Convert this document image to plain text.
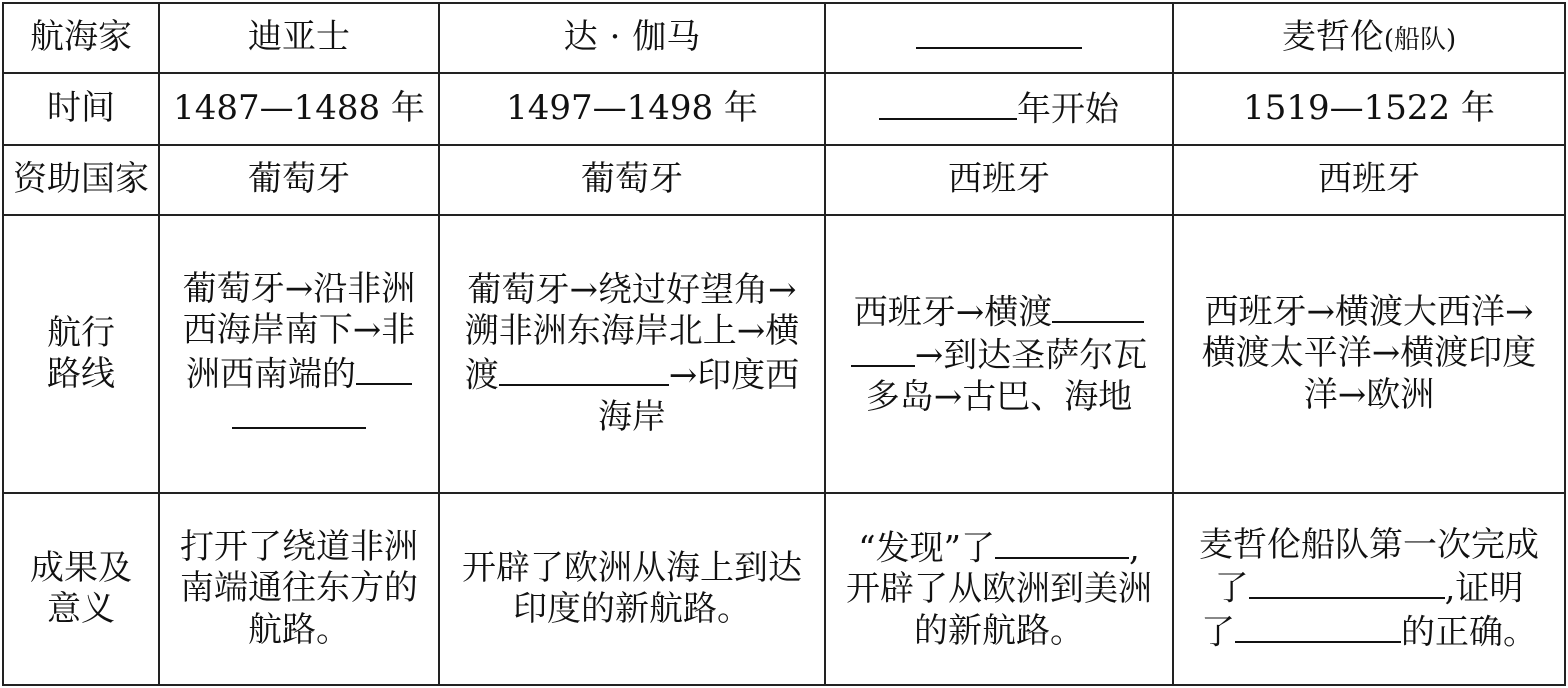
航海家	迪亚士	达 · 伽马		麦哲伦(船队)
时间	1487—1488 年	1497—1498 年	年开始	1519—1522 年
资助国家	葡萄牙	葡萄牙	西班牙	西班牙

航行
路线	葡萄牙→沿非洲
西海岸南下→非
洲西南端的	葡萄牙→绕过好望角→
溯非洲东海岸北上→横
渡 →印度西
海岸	西班牙→横渡
→到达圣萨尔瓦
多岛→古巴、海地	西班牙→横渡大西洋→
横渡太平洋→横渡印度
洋→欧洲

成果及
意义	打开了绕道非洲
南端通往东方的
航路。	开辟了欧洲从海上到达
印度的新航路。	“发现”了 ,
开辟了从欧洲到美洲
的新航路。	麦哲伦船队第一次完成
了 ,证明
了 的正确。
